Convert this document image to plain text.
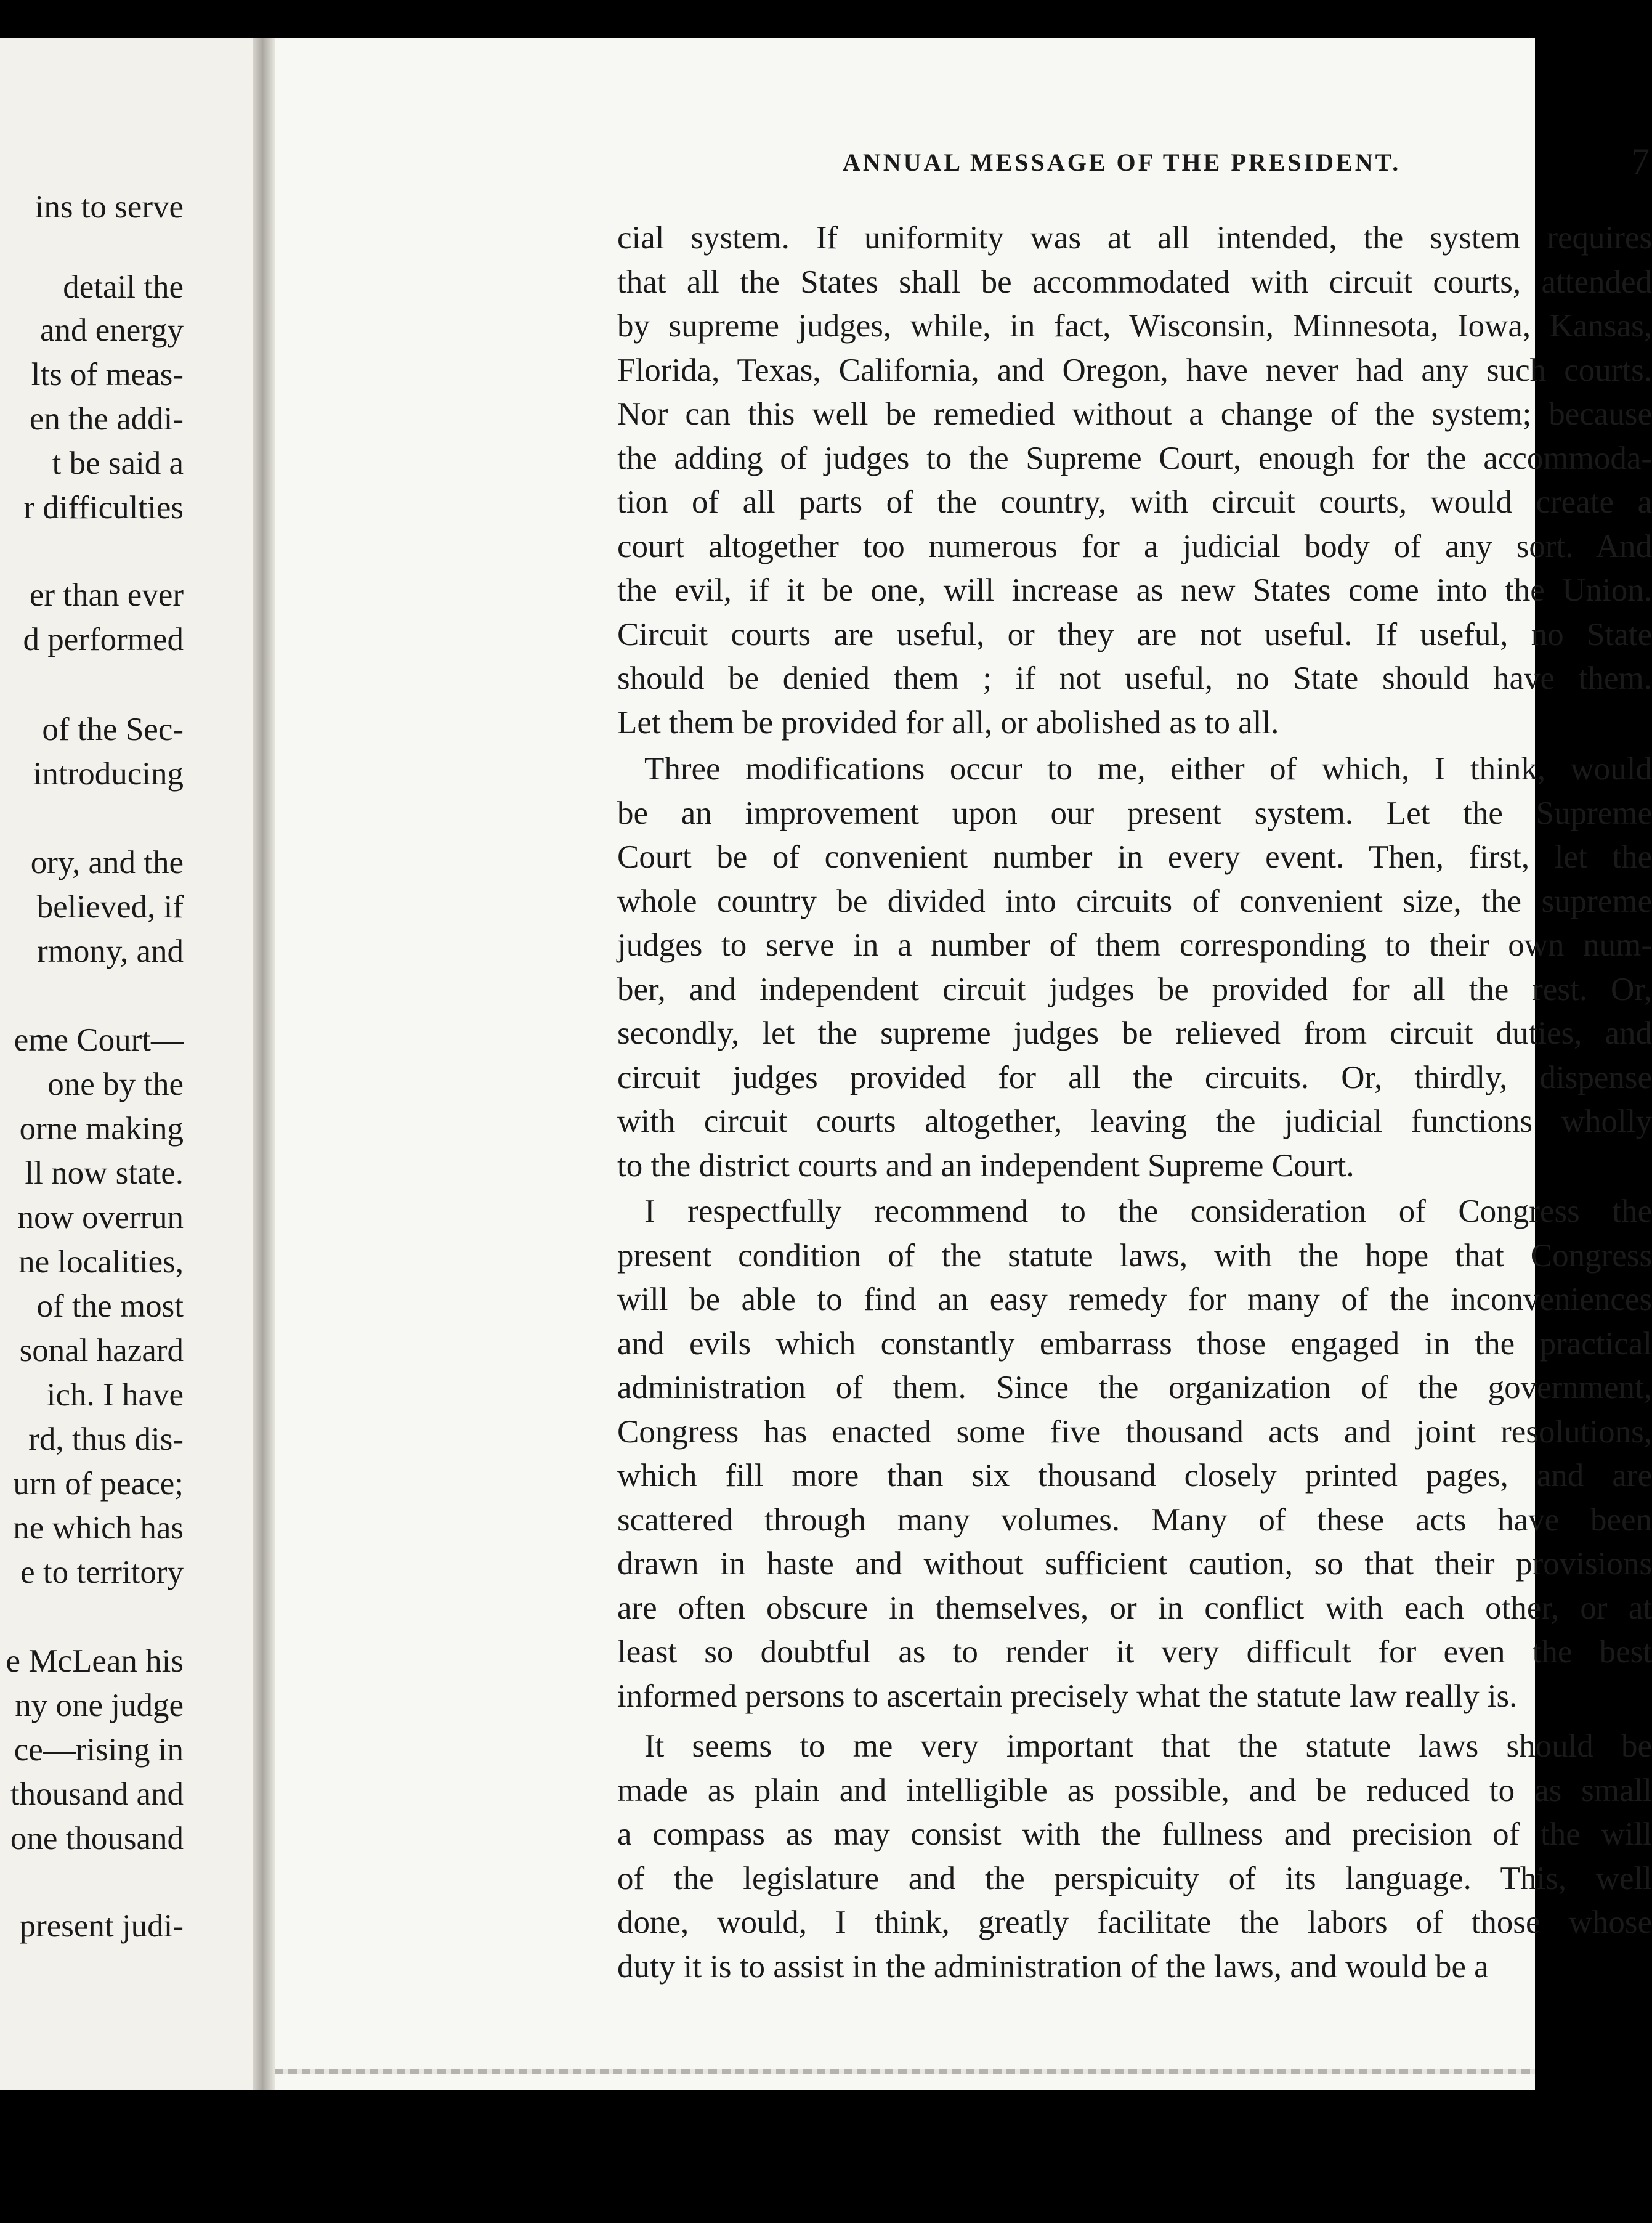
ins to serve
detail the
and energy
lts of meas-
en the addi-
t be said a
r difficulties
er than ever
d performed
of the Sec-
introducing
ory, and the
believed, if
rmony, and
eme Court—
one by the
orne making
ll now state.
now overrun
ne localities,
of the most
sonal hazard
ich. I have
rd, thus dis-
urn of peace;
ne which has
e to territory
e McLean his
ny one judge
ce—rising in
thousand and
one thousand
present judi-
ANNUAL MESSAGE OF THE PRESIDENT.	7
cial system. If uniformity was at all intended, the system requires
that all the States shall be accommodated with circuit courts, attended
by supreme judges, while, in fact, Wisconsin, Minnesota, Iowa, Kansas,
Florida, Texas, California, and Oregon, have never had any such courts.
Nor can this well be remedied without a change of the system; because
the adding of judges to the Supreme Court, enough for the accommoda-
tion of all parts of the country, with circuit courts, would create a
court altogether too numerous for a judicial body of any sort. And
the evil, if it be one, will increase as new States come into the Union.
Circuit courts are useful, or they are not useful. If useful, no State
should be denied them ; if not useful, no State should have them.
Let them be provided for all, or abolished as to all.
Three modifications occur to me, either of which, I think, would
be an improvement upon our present system. Let the Supreme
Court be of convenient number in every event. Then, first, let the
whole country be divided into circuits of convenient size, the supreme
judges to serve in a number of them corresponding to their own num-
ber, and independent circuit judges be provided for all the rest. Or,
secondly, let the supreme judges be relieved from circuit duties, and
circuit judges provided for all the circuits. Or, thirdly, dispense
with circuit courts altogether, leaving the judicial functions wholly
to the district courts and an independent Supreme Court.
I respectfully recommend to the consideration of Congress the
present condition of the statute laws, with the hope that Congress
will be able to find an easy remedy for many of the inconveniences
and evils which constantly embarrass those engaged in the practical
administration of them. Since the organization of the government,
Congress has enacted some five thousand acts and joint resolutions,
which fill more than six thousand closely printed pages, and are
scattered through many volumes. Many of these acts have been
drawn in haste and without sufficient caution, so that their provisions
are often obscure in themselves, or in conflict with each other, or at
least so doubtful as to render it very difficult for even the best
informed persons to ascertain precisely what the statute law really is.
It seems to me very important that the statute laws should be
made as plain and intelligible as possible, and be reduced to as small
a compass as may consist with the fullness and precision of the will
of the legislature and the perspicuity of its language. This, well
done, would, I think, greatly facilitate the labors of those whose
duty it is to assist in the administration of the laws, and would be a
